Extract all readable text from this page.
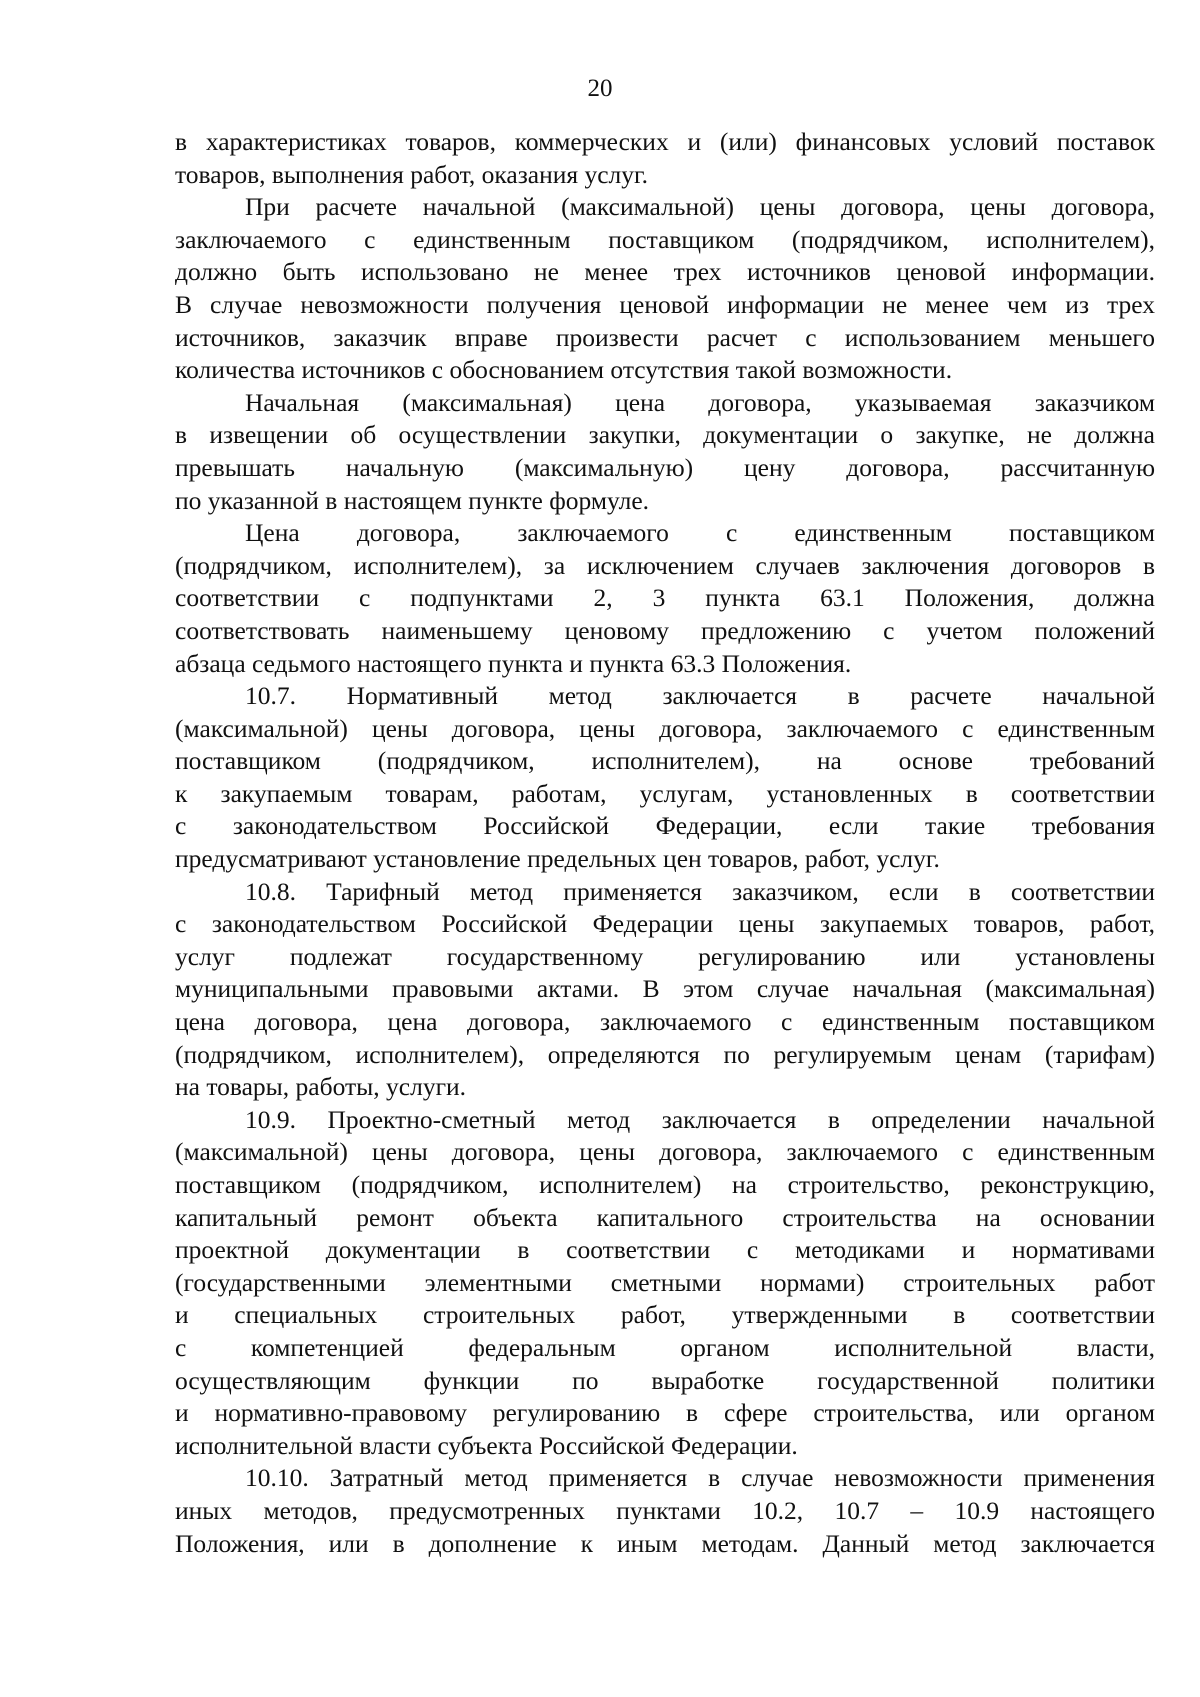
20
в характеристиках товаров, коммерческих и (или) финансовых условий поставок
товаров, выполнения работ, оказания услуг.
При расчете начальной (максимальной) цены договора, цены договора,
заключаемого с единственным поставщиком (подрядчиком, исполнителем),
должно быть использовано не менее трех источников ценовой информации.
В случае невозможности получения ценовой информации не менее чем из трех
источников, заказчик вправе произвести расчет с использованием меньшего
количества источников с обоснованием отсутствия такой возможности.
Начальная (максимальная) цена договора, указываемая заказчиком
в извещении об осуществлении закупки, документации о закупке, не должна
превышать начальную (максимальную) цену договора, рассчитанную
по указанной в настоящем пункте формуле.
Цена договора, заключаемого с единственным поставщиком
(подрядчиком, исполнителем), за исключением случаев заключения договоров в
соответствии с подпунктами 2, 3 пункта 63.1 Положения, должна
соответствовать наименьшему ценовому предложению с учетом положений
абзаца седьмого настоящего пункта и пункта 63.3 Положения.
10.7. Нормативный метод заключается в расчете начальной
(максимальной) цены договора, цены договора, заключаемого с единственным
поставщиком (подрядчиком, исполнителем), на основе требований
к закупаемым товарам, работам, услугам, установленных в соответствии
с законодательством Российской Федерации, если такие требования
предусматривают установление предельных цен товаров, работ, услуг.
10.8. Тарифный метод применяется заказчиком, если в соответствии
с законодательством Российской Федерации цены закупаемых товаров, работ,
услуг подлежат государственному регулированию или установлены
муниципальными правовыми актами. В этом случае начальная (максимальная)
цена договора, цена договора, заключаемого с единственным поставщиком
(подрядчиком, исполнителем), определяются по регулируемым ценам (тарифам)
на товары, работы, услуги.
10.9. Проектно-сметный метод заключается в определении начальной
(максимальной) цены договора, цены договора, заключаемого с единственным
поставщиком (подрядчиком, исполнителем) на строительство, реконструкцию,
капитальный ремонт объекта капитального строительства на основании
проектной документации в соответствии с методиками и нормативами
(государственными элементными сметными нормами) строительных работ
и специальных строительных работ, утвержденными в соответствии
с компетенцией федеральным органом исполнительной власти,
осуществляющим функции по выработке государственной политики
и нормативно-правовому регулированию в сфере строительства, или органом
исполнительной власти субъекта Российской Федерации.
10.10. Затратный метод применяется в случае невозможности применения
иных методов, предусмотренных пунктами 10.2, 10.7 – 10.9 настоящего
Положения, или в дополнение к иным методам. Данный метод заключается
